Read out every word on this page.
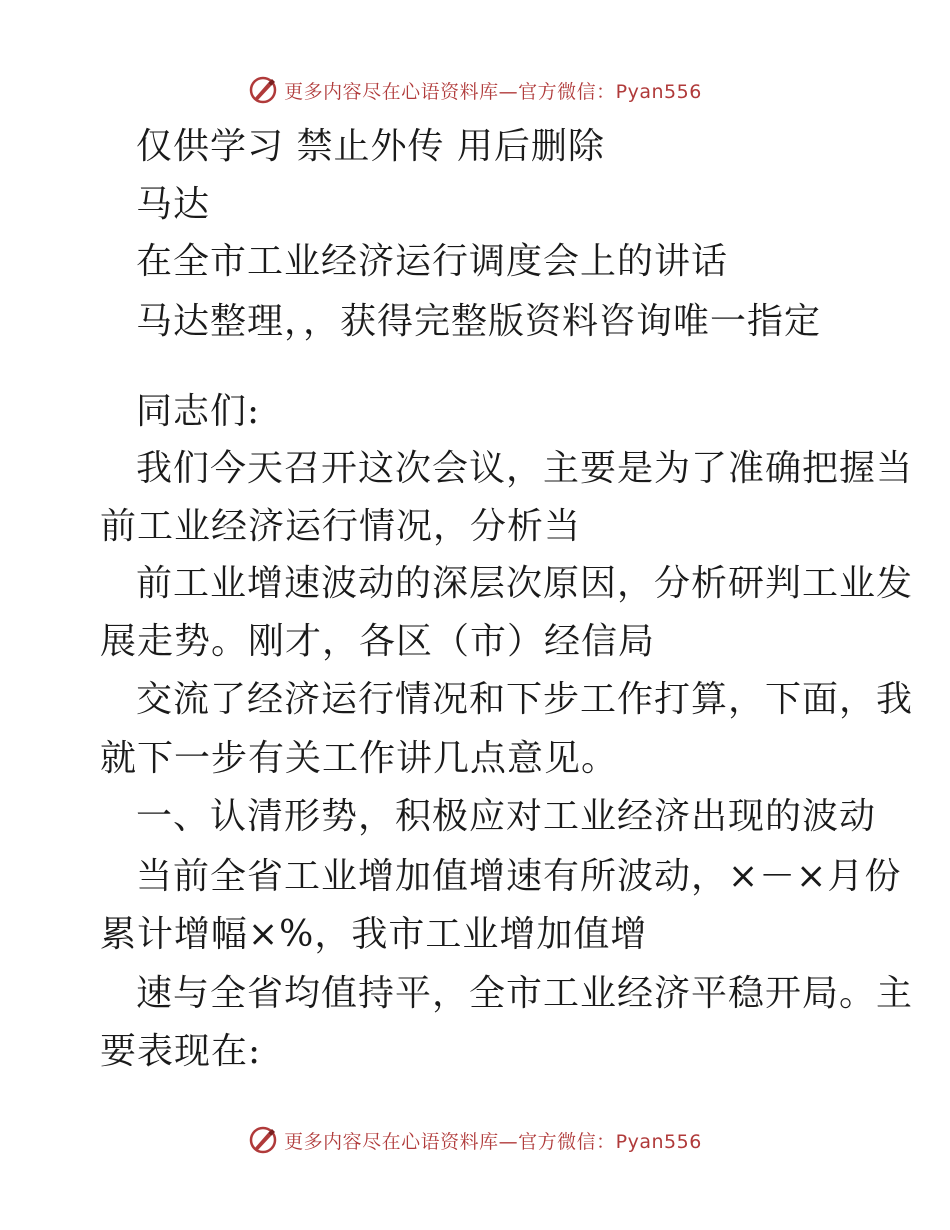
更多内容尽在心语资料库—官方微信：Pyan556
仅供学习 禁止外传 用后删除
马达
在全市工业经济运行调度会上的讲话
马达整理，，获得完整版资料咨询唯一指定
同志们:
我们今天召开这次会议，主要是为了准确把握当
前工业经济运行情况，分析当
前工业增速波动的深层次原因，分析研判工业发
展走势。刚才，各区（市）经信局
交流了经济运行情况和下步工作打算，下面，我
就下一步有关工作讲几点意见。
一、认清形势，积极应对工业经济出现的波动
当前全省工业增加值增速有所波动，×－×月份
累计增幅×%，我市工业增加值增
速与全省均值持平，全市工业经济平稳开局。主
要表现在:
更多内容尽在心语资料库—官方微信：Pyan556
